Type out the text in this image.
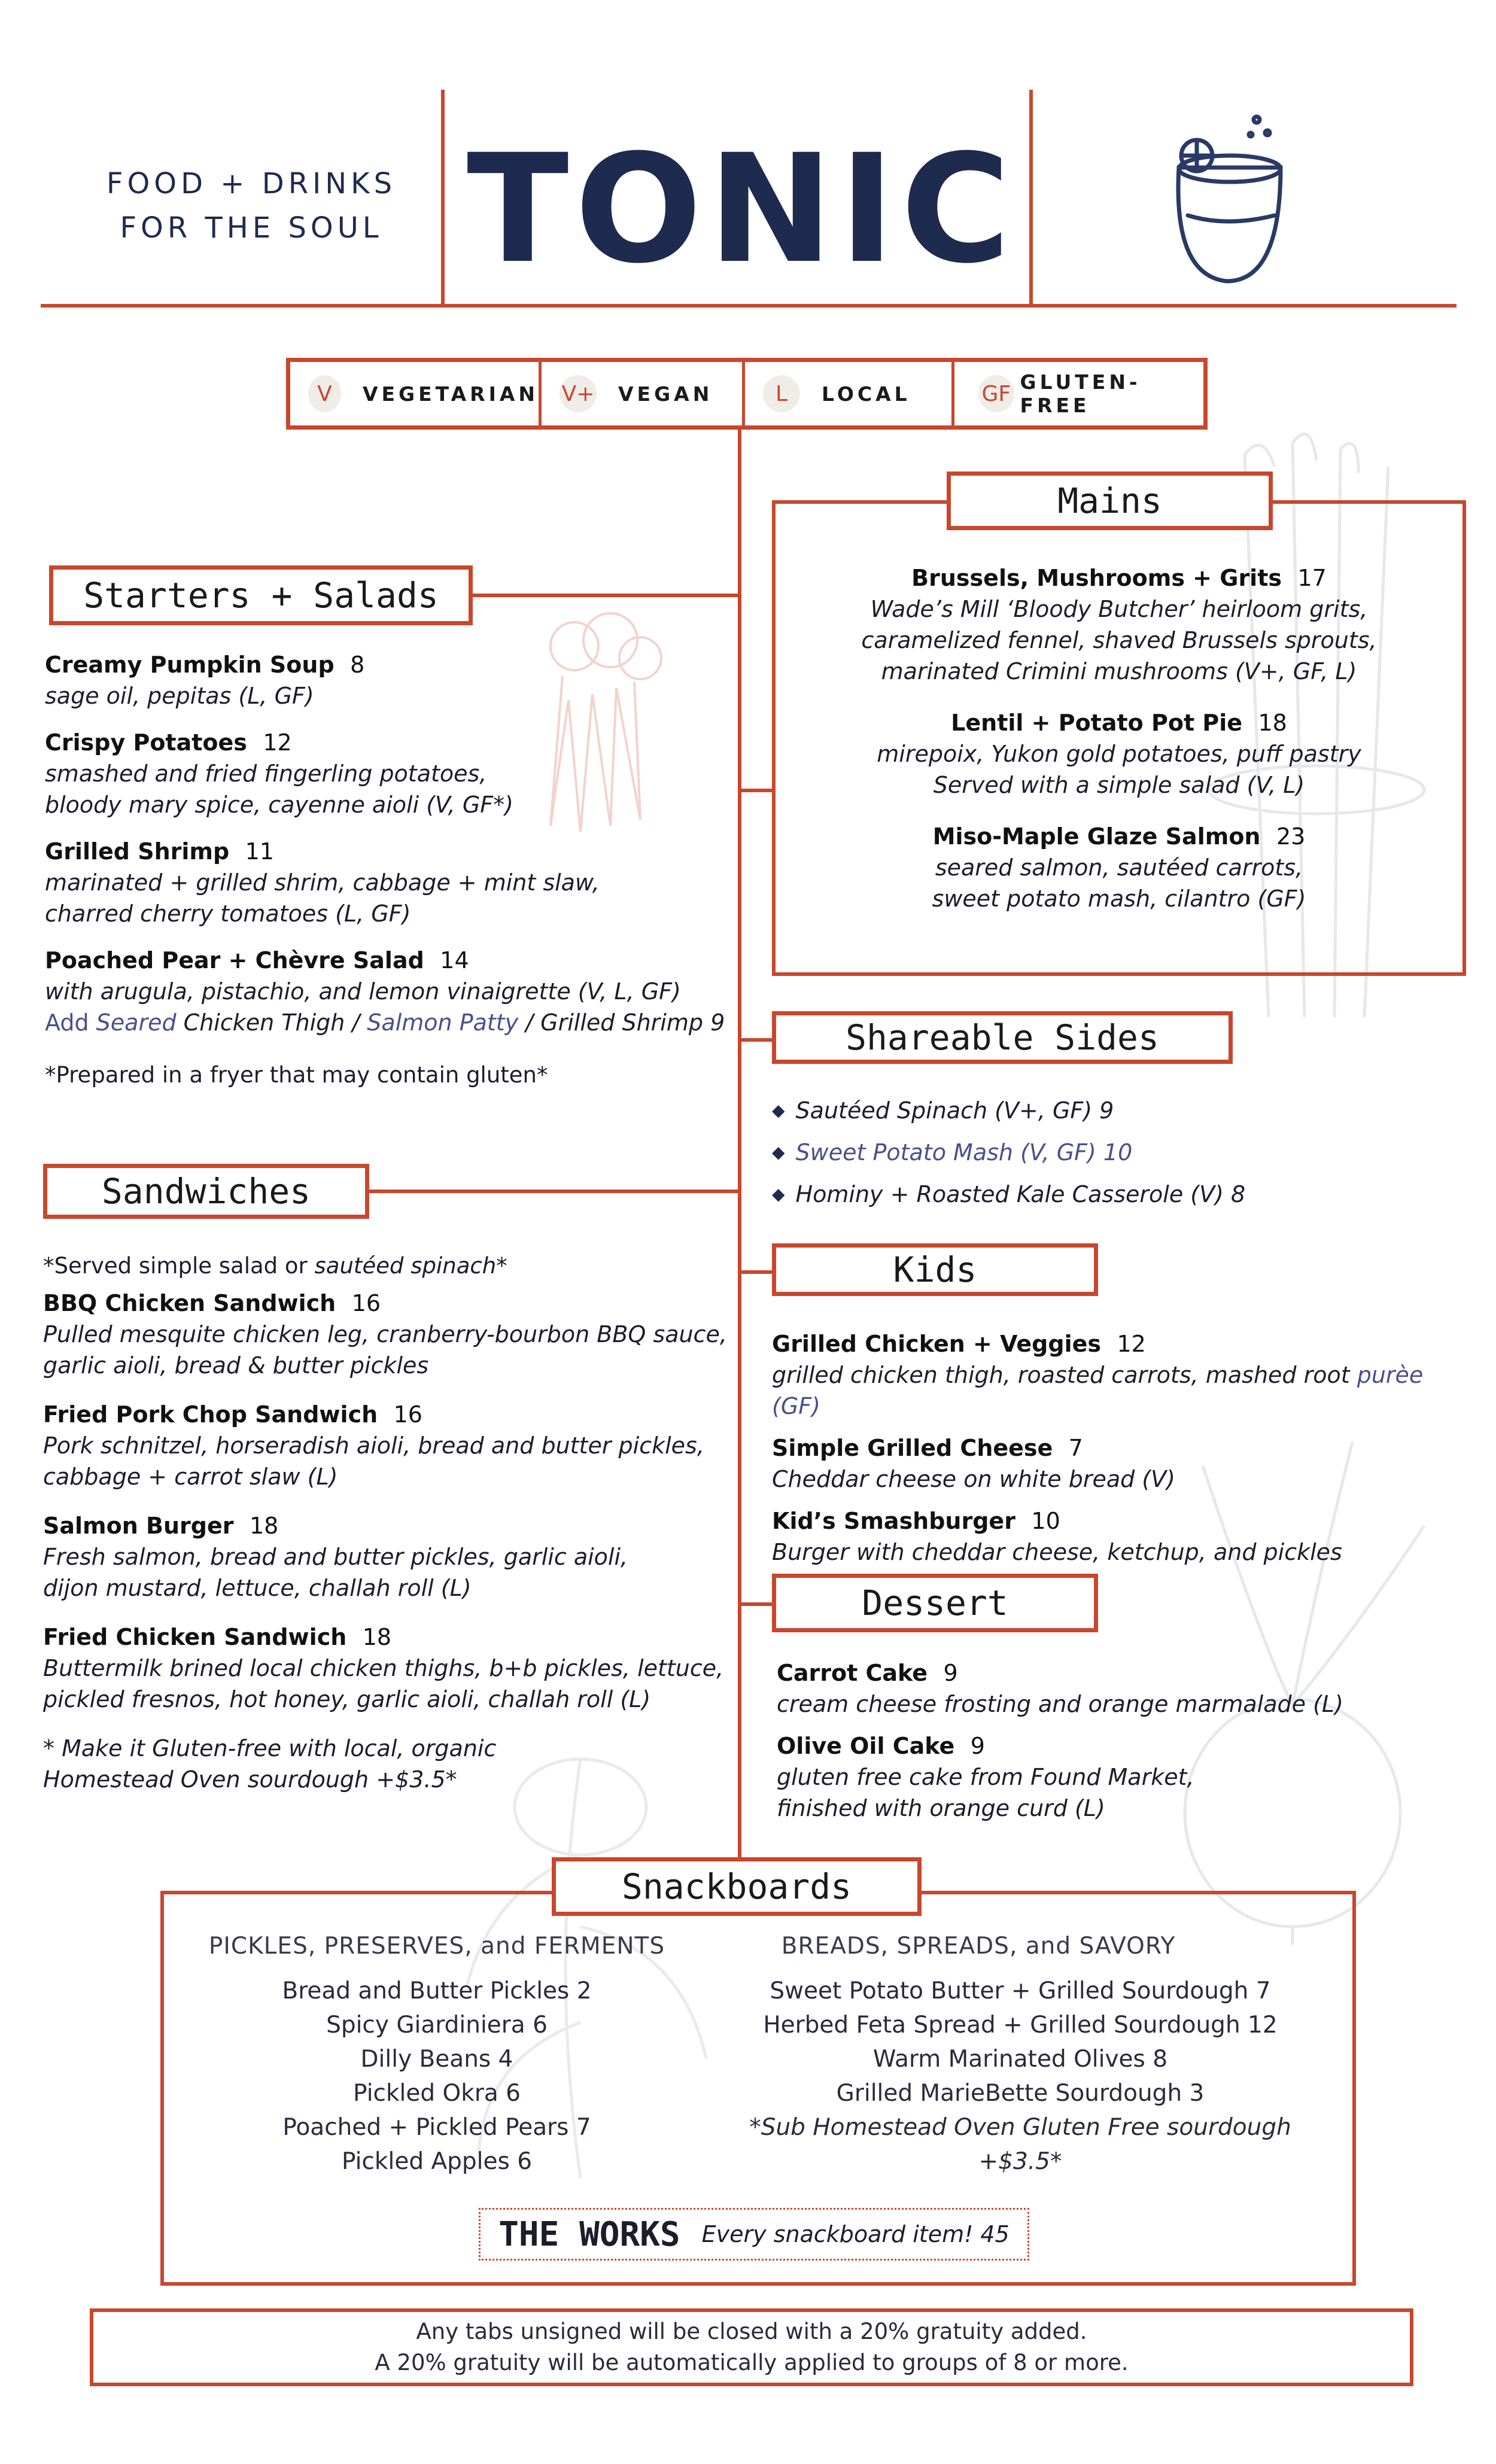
FOOD + DRINKS
FOR THE SOUL TONIC
V	VEGETARIAN V+ VEGAN	L	LOCAL	GF GLUTEN-FREE
Starters + Salads
Creamy Pumpkin Soup 8
sage oil, pepitas (L, GF)
Crispy Potatoes 12
smashed and fried fingerling potatoes,
bloody mary spice, cayenne aioli (V, GF*)
Grilled Shrimp 11
marinated + grilled shrim, cabbage + mint slaw,
charred cherry tomatoes (L, GF)
Poached Pear + Chèvre Salad 14
with arugula, pistachio, and lemon vinaigrette (V, L, GF)
Add Seared Chicken Thigh / Salmon Patty / Grilled Shrimp 9
*Prepared in a fryer that may contain gluten*
Sandwiches
*Served simple salad or sautéed spinach*
BBQ Chicken Sandwich 16
Pulled mesquite chicken leg, cranberry-bourbon BBQ sauce,
garlic aioli, bread & butter pickles
Fried Pork Chop Sandwich 16
Pork schnitzel, horseradish aioli, bread and butter pickles,
cabbage + carrot slaw (L)
Salmon Burger 18
Fresh salmon, bread and butter pickles, garlic aioli,
dijon mustard, lettuce, challah roll (L)
Fried Chicken Sandwich 18
Buttermilk brined local chicken thighs, b+b pickles, lettuce,
pickled fresnos, hot honey, garlic aioli, challah roll (L)
* Make it Gluten-free with local, organic
Homestead Oven sourdough +$3.5*
Mains
Brussels, Mushrooms + Grits 17
Wade’s Mill ‘Bloody Butcher’ heirloom grits,
caramelized fennel, shaved Brussels sprouts,
marinated Crimini mushrooms (V+, GF, L)
Lentil + Potato Pot Pie 18
mirepoix, Yukon gold potatoes, puff pastry
Served with a simple salad (V, L)
Miso-Maple Glaze Salmon 23
seared salmon, sautéed carrots,
sweet potato mash, cilantro (GF)
Shareable Sides
◆ Sautéed Spinach (V+, GF) 9
◆ Sweet Potato Mash (V, GF) 10
◆ Hominy + Roasted Kale Casserole (V) 8
Kids
Grilled Chicken + Veggies 12
grilled chicken thigh, roasted carrots, mashed root purèe (GF)
Simple Grilled Cheese 7
Cheddar cheese on white bread (V)
Kid’s Smashburger 10
Burger with cheddar cheese, ketchup, and pickles
Dessert
Carrot Cake 9
cream cheese frosting and orange marmalade (L)
Olive Oil Cake 9
gluten free cake from Found Market,
finished with orange curd (L)
Snackboards
PICKLES, PRESERVES, and FERMENTS
Bread and Butter Pickles 2
Spicy Giardiniera 6
Dilly Beans 4
Pickled Okra 6
Poached + Pickled Pears 7
Pickled Apples 6
BREADS, SPREADS, and SAVORY
Sweet Potato Butter + Grilled Sourdough 7
Herbed Feta Spread + Grilled Sourdough 12
Warm Marinated Olives 8
Grilled MarieBette Sourdough 3
*Sub Homestead Oven Gluten Free sourdough +$3.5*
THE WORKS Every snackboard item! 45
Any tabs unsigned will be closed with a 20% gratuity added.
A 20% gratuity will be automatically applied to groups of 8 or more.
